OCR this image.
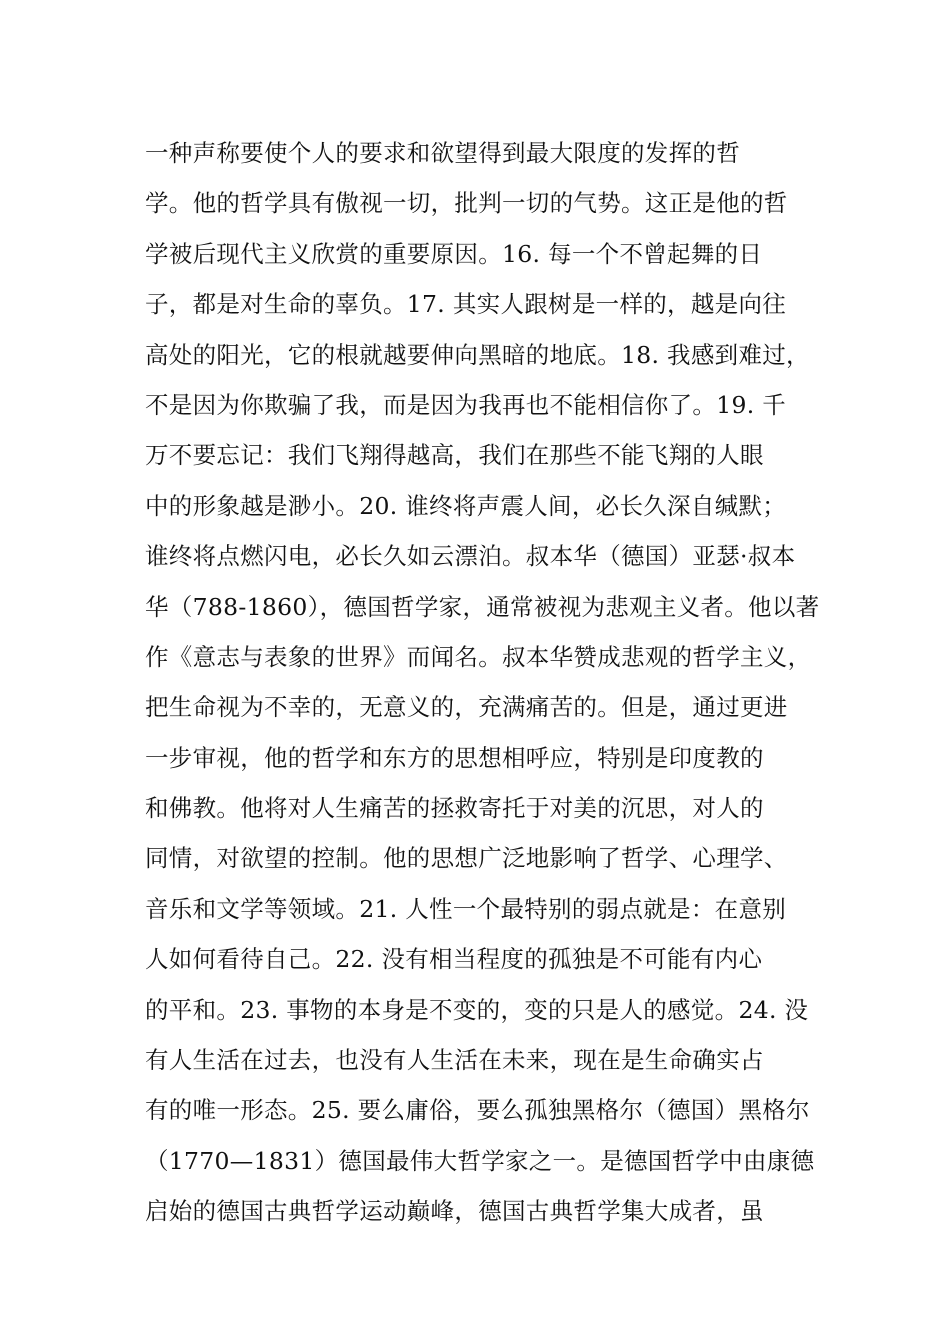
一种声称要使个人的要求和欲望得到最大限度的发挥的哲
学。他的哲学具有傲视一切，批判一切的气势。这正是他的哲
学被后现代主义欣赏的重要原因。16. 每一个不曾起舞的日
子，都是对生命的辜负。17. 其实人跟树是一样的，越是向往
高处的阳光，它的根就越要伸向黑暗的地底。18. 我感到难过，
不是因为你欺骗了我，而是因为我再也不能相信你了。19. 千
万不要忘记：我们飞翔得越高，我们在那些不能飞翔的人眼
中的形象越是渺小。20. 谁终将声震人间，必长久深自缄默；
谁终将点燃闪电，必长久如云漂泊。叔本华（德国）亚瑟·叔本
华（788-1860），德国哲学家，通常被视为悲观主义者。他以著
作《意志与表象的世界》而闻名。叔本华赞成悲观的哲学主义，
把生命视为不幸的，无意义的，充满痛苦的。但是，通过更进
一步审视，他的哲学和东方的思想相呼应，特别是印度教的
和佛教。他将对人生痛苦的拯救寄托于对美的沉思，对人的
同情，对欲望的控制。他的思想广泛地影响了哲学、心理学、
音乐和文学等领域。21. 人性一个最特别的弱点就是：在意别
人如何看待自己。22. 没有相当程度的孤独是不可能有内心
的平和。23. 事物的本身是不变的，变的只是人的感觉。24. 没
有人生活在过去，也没有人生活在未来，现在是生命确实占
有的唯一形态。25. 要么庸俗，要么孤独黑格尔（德国）黑格尔
（1770—1831）德国最伟大哲学家之一。是德国哲学中由康德
启始的德国古典哲学运动巅峰，德国古典哲学集大成者，虽
